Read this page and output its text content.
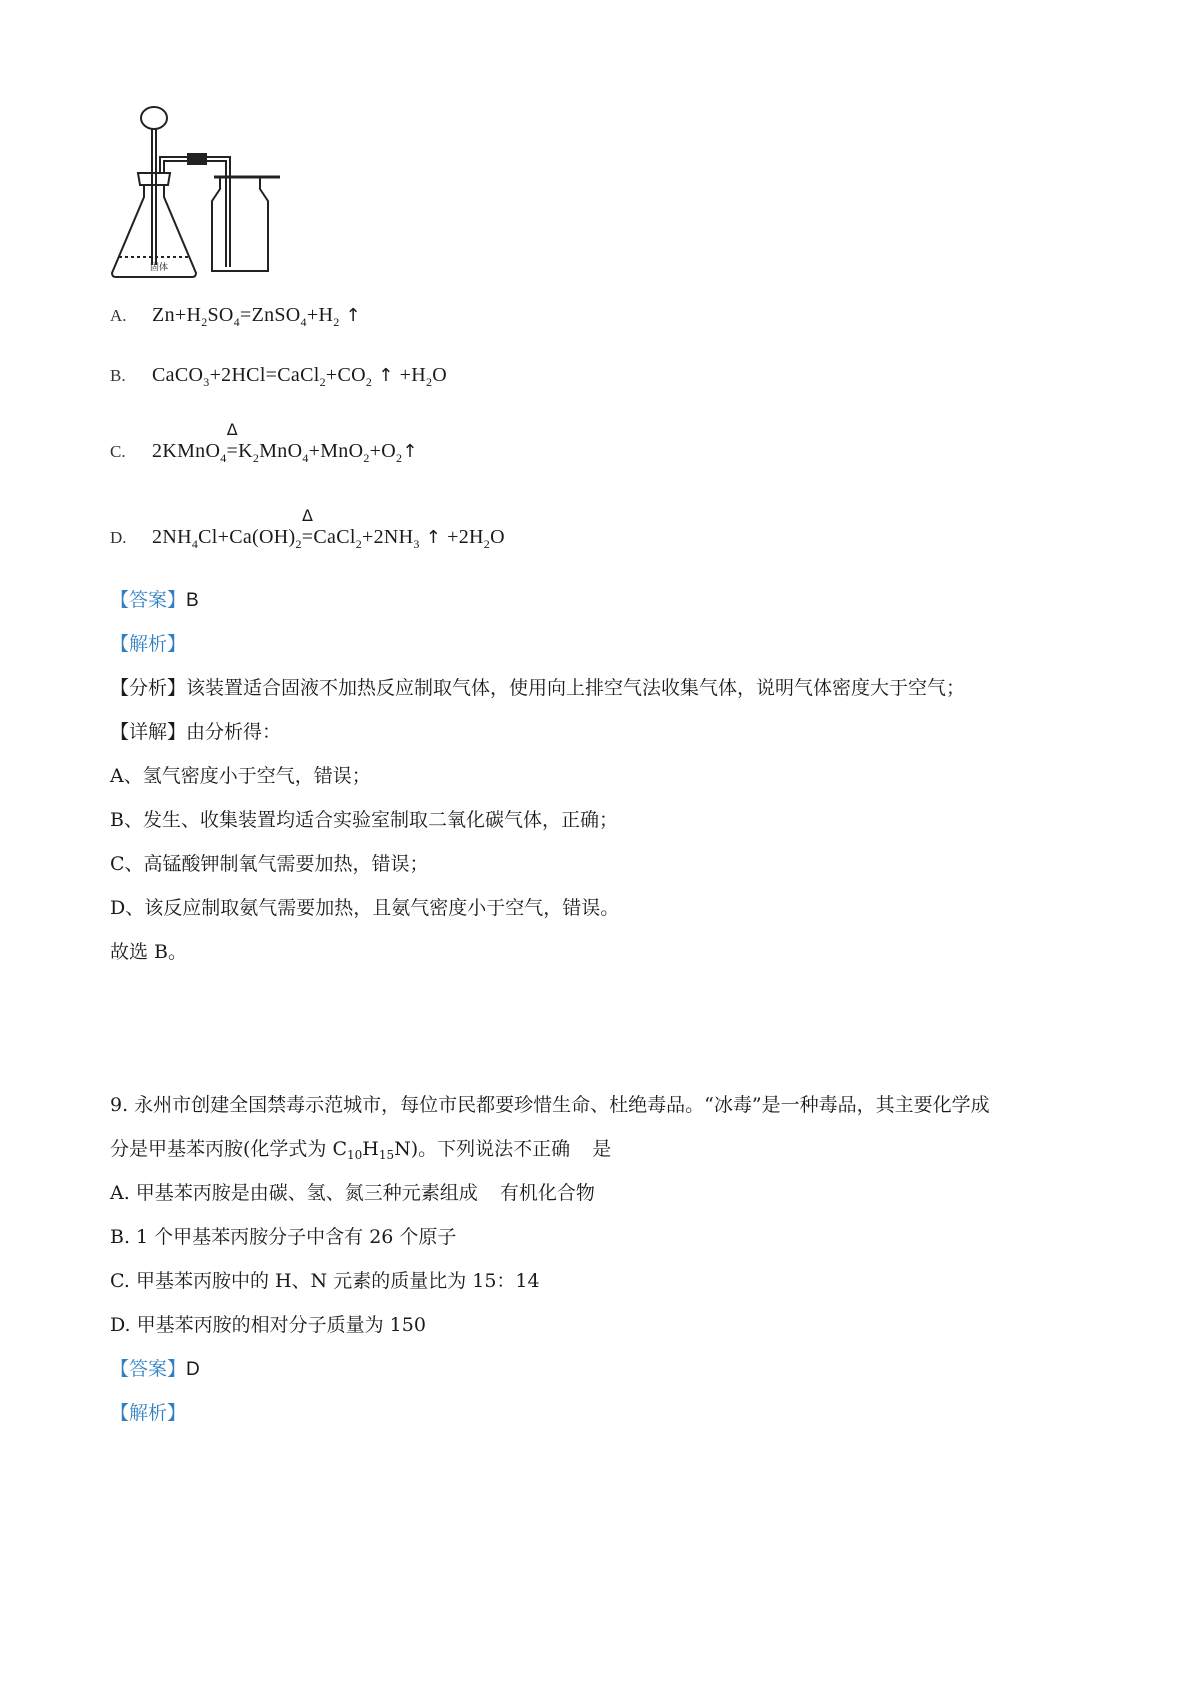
固体
A. $Zn+H_2SO_4=ZnSO_4+H_2$ ↑
B. $CaCO_3+2HCl=CaCl_2+CO_2$ ↑ $+H_2O$
C. 2KMnO$_4$
Δ
$=K_2MnO_4+MnO_2+O_2↑$
D. $2NH_4Cl+Ca(OH)_2$
Δ
$=CaCl_2+2NH_3$ ↑ $+2H_2O$
【答案】B
【解析】
【分析】该装置适合固液不加热反应制取气体，使用向上排空气法收集气体，说明气体密度大于空气；
【详解】由分析得：
A、氢气密度小于空气，错误；
B、发生、收集装置均适合实验室制取二氧化碳气体，正确；
C、高锰酸钾制氧气需要加热，错误；
D、该反应制取氨气需要加热，且氨气密度小于空气，错误。
故选 B。
9. 永州市创建全国禁毒示范城市，每位市民都要珍惜生命、杜绝毒品。“冰毒”是一种毒品，其主要化学成
分是甲基苯丙胺(化学式为 $C_{10}H_{15}N$)。下列说法不正确 是
A. 甲基苯丙胺是由碳、氢、氮三种元素组成 有机化合物
B. 1 个甲基苯丙胺分子中含有 26 个原子
C. 甲基苯丙胺中的 H、N 元素的质量比为 15：14
D. 甲基苯丙胺的相对分子质量为 150
【答案】D
【解析】
